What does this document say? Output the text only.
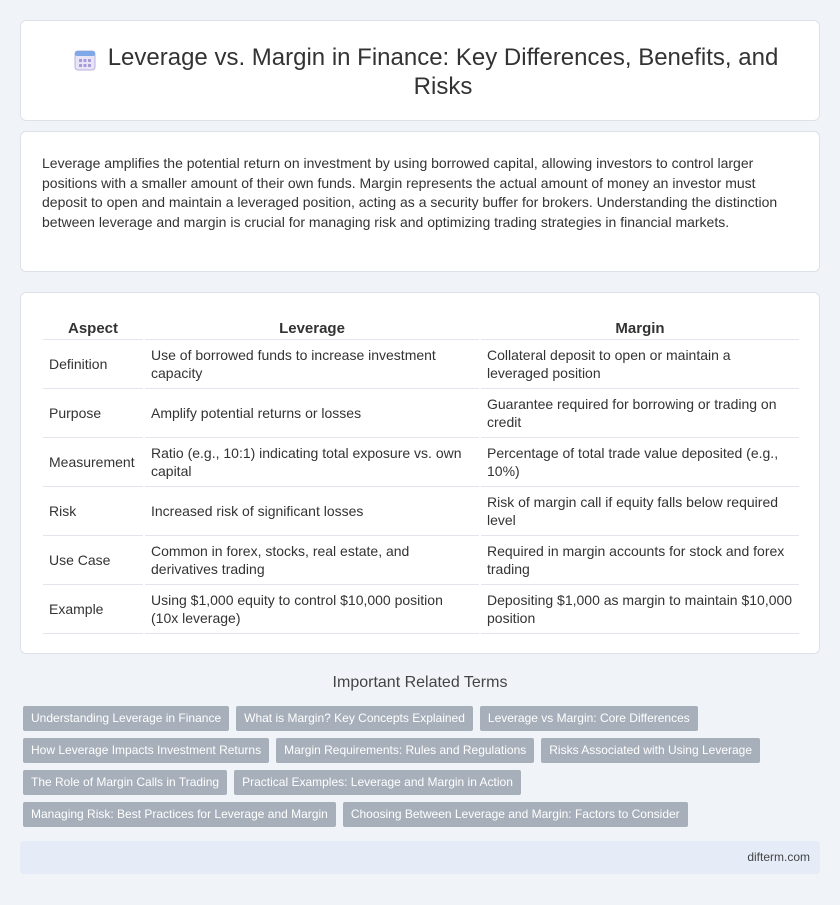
Leverage vs. Margin in Finance: Key Differences, Benefits, and Risks

Leverage amplifies the potential return on investment by using borrowed capital, allowing investors to control larger positions with a smaller amount of their own funds. Margin represents the actual amount of money an investor must deposit to open and maintain a leveraged position, acting as a security buffer for brokers. Understanding the distinction between leverage and margin is crucial for managing risk and optimizing trading strategies in financial markets.

Aspect	Leverage	Margin
Definition	Use of borrowed funds to increase investment capacity	Collateral deposit to open or maintain a leveraged position
Purpose	Amplify potential returns or losses	Guarantee required for borrowing or trading on credit
Measurement	Ratio (e.g., 10:1) indicating total exposure vs. own capital	Percentage of total trade value deposited (e.g., 10%)
Risk	Increased risk of significant losses	Risk of margin call if equity falls below required level
Use Case	Common in forex, stocks, real estate, and derivatives trading	Required in margin accounts for stock and forex trading
Example	Using $1,000 equity to control $10,000 position (10x leverage)	Depositing $1,000 as margin to maintain $10,000 position
Important Related Terms
Understanding Leverage in Finance	What is Margin? Key Concepts Explained	Leverage vs Margin: Core Differences
How Leverage Impacts Investment Returns	Margin Requirements: Rules and Regulations	Risks Associated with Using Leverage
The Role of Margin Calls in Trading	Practical Examples: Leverage and Margin in Action
Managing Risk: Best Practices for Leverage and Margin	Choosing Between Leverage and Margin: Factors to Consider
difterm.com
